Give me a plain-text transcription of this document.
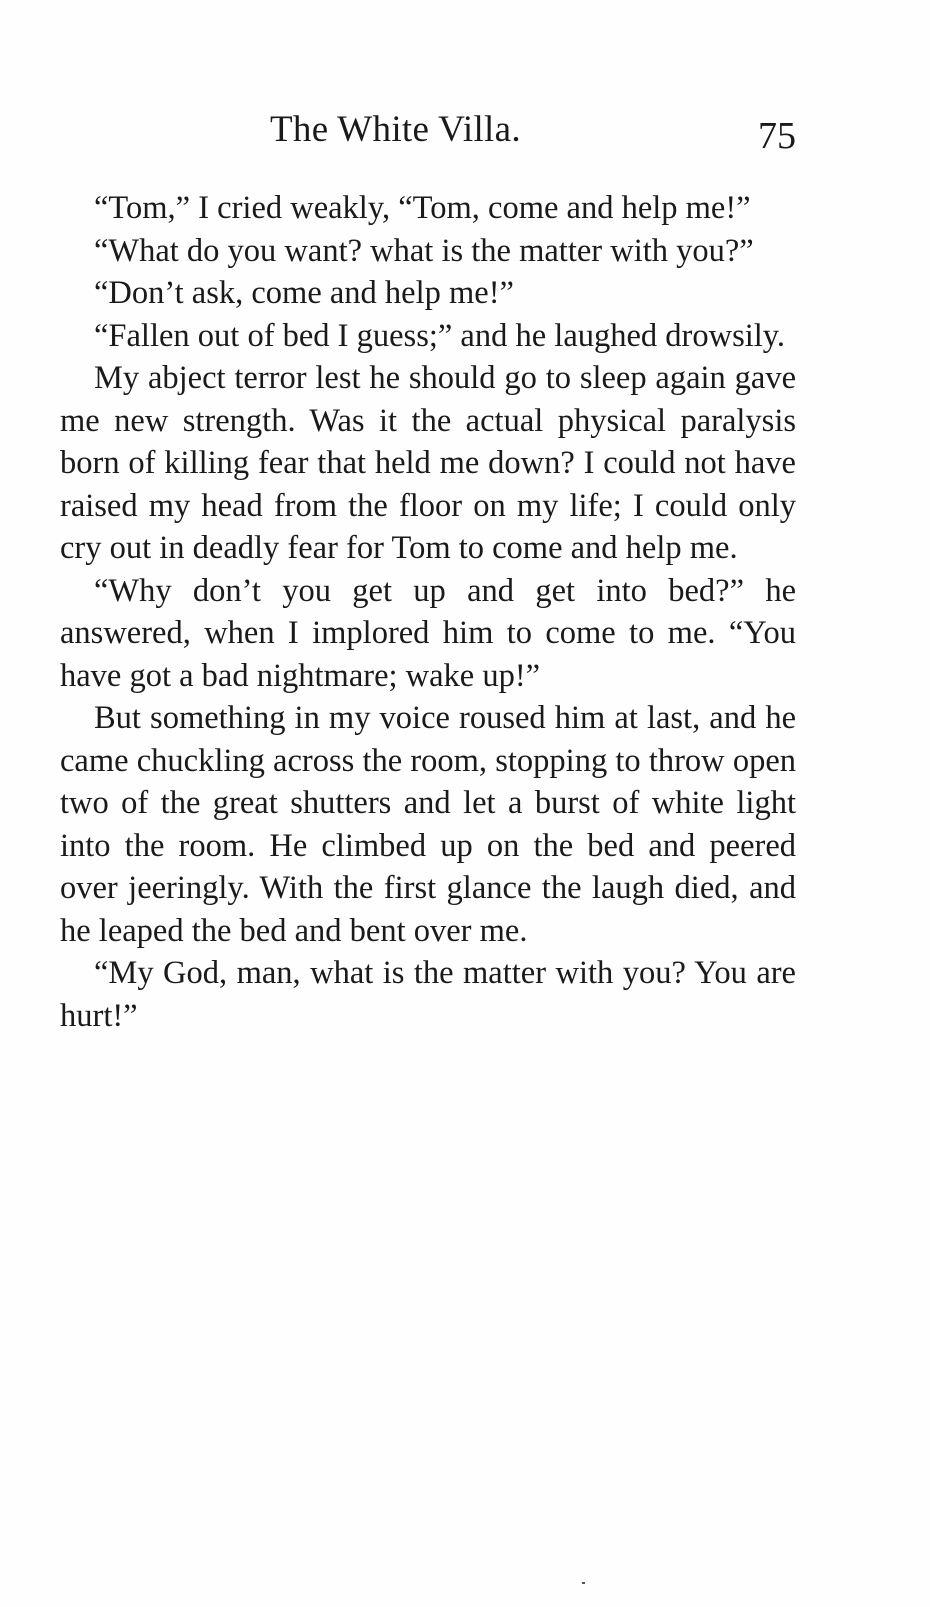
The White Villa.	75

“Tom,” I cried weakly, “Tom, come and help me!”

“What do you want? what is the matter with you?”

“Don’t ask, come and help me!”

“Fallen out of bed I guess;” and he laughed drowsily.

My abject terror lest he should go to sleep again gave me new strength. Was it the actual physical paralysis born of killing fear that held me down? I could not have raised my head from the floor on my life; I could only cry out in deadly fear for Tom to come and help me.

“Why don’t you get up and get into bed?” he answered, when I implored him to come to me. “You have got a bad nightmare; wake up!”

But something in my voice roused him at last, and he came chuckling across the room, stopping to throw open two of the great shutters and let a burst of white light into the room. He climbed up on the bed and peered over jeeringly. With the first glance the laugh died, and he leaped the bed and bent over me.

“My God, man, what is the matter with you? You are hurt!”
